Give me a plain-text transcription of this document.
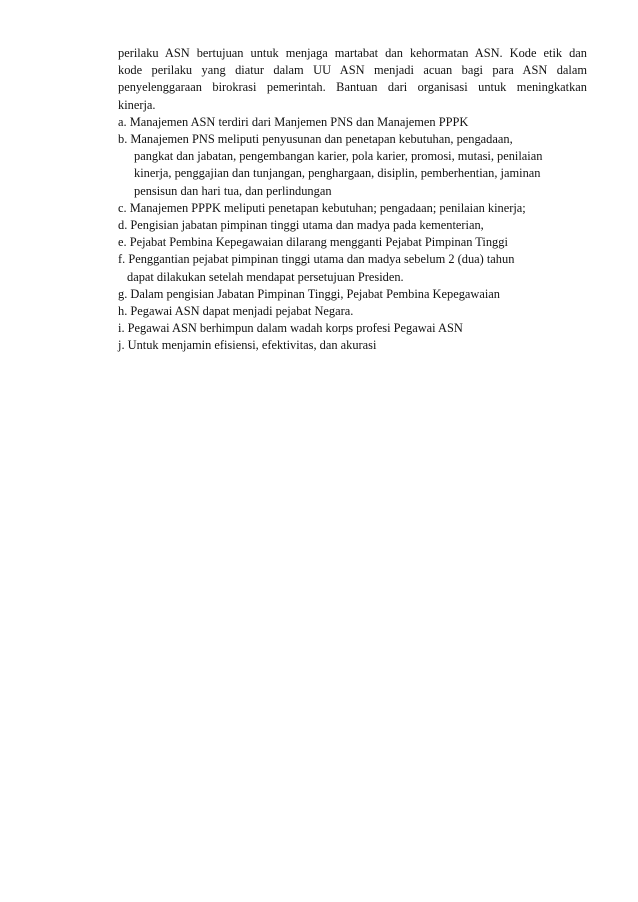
perilaku ASN bertujuan untuk menjaga martabat dan kehormatan ASN. Kode etik dan
kode perilaku yang diatur dalam UU ASN menjadi acuan bagi para ASN dalam
penyelenggaraan birokrasi pemerintah. Bantuan dari organisasi untuk meningkatkan
kinerja.

a. Manajemen ASN terdiri dari Manjemen PNS dan Manajemen PPPK

b. Manajemen PNS meliputi penyusunan dan penetapan kebutuhan, pengadaan,
pangkat dan jabatan, pengembangan karier, pola karier, promosi, mutasi, penilaian
kinerja, penggajian dan tunjangan, penghargaan, disiplin, pemberhentian, jaminan
pensisun dan hari tua, dan perlindungan

c. Manajemen PPPK meliputi penetapan kebutuhan; pengadaan; penilaian kinerja;

d. Pengisian jabatan pimpinan tinggi utama dan madya pada kementerian,

e. Pejabat Pembina Kepegawaian dilarang mengganti Pejabat Pimpinan Tinggi

f. Penggantian pejabat pimpinan tinggi utama dan madya sebelum 2 (dua) tahun
dapat dilakukan setelah mendapat persetujuan Presiden.

g. Dalam pengisian Jabatan Pimpinan Tinggi, Pejabat Pembina Kepegawaian

h. Pegawai ASN dapat menjadi pejabat Negara.

i. Pegawai ASN berhimpun dalam wadah korps profesi Pegawai ASN

j. Untuk menjamin efisiensi, efektivitas, dan akurasi
